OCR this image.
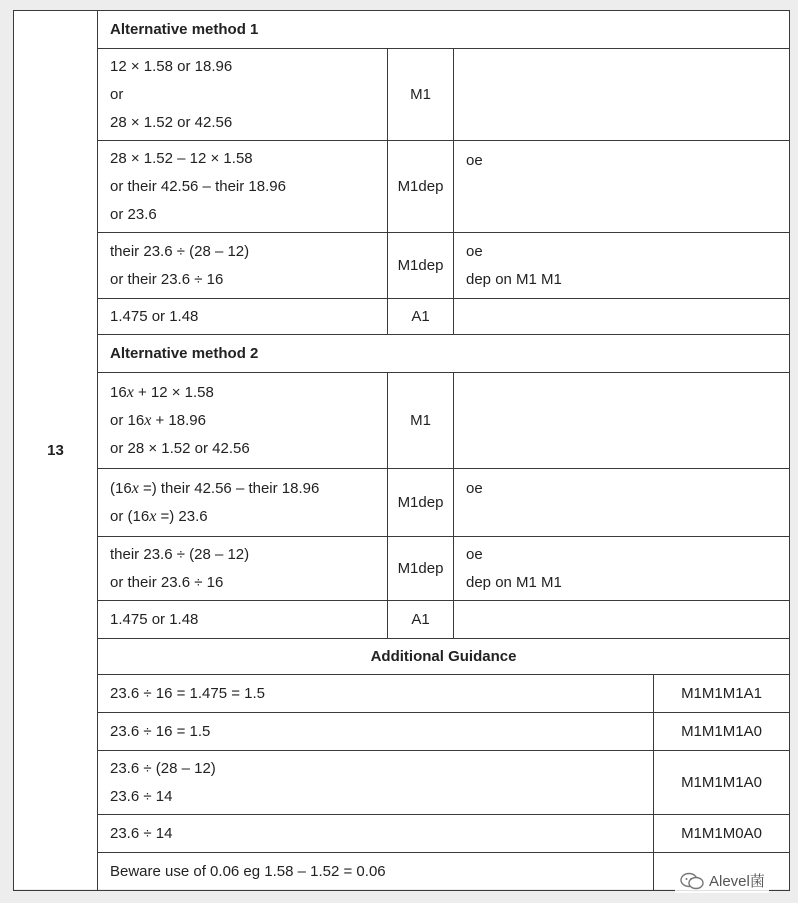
13	Alternative method 1			

	12 × 1.58 or 18.96
or
28 × 1.52 or 42.56	M1		

	28 × 1.52 – 12 × 1.58
or their 42.56 – their 18.96
or 23.6	M1dep	oe	

	their 23.6 ÷ (28 – 12)
or their 23.6 ÷ 16	M1dep	oe
dep on M1 M1	

	1.475 or 1.48	A1		
	Alternative method 2			

	16x + 12 × 1.58
or 16x + 18.96
or 28 × 1.52 or 42.56	M1		

	(16x =) their 42.56 – their 18.96
or (16x =) 23.6	M1dep	oe	

	their 23.6 ÷ (28 – 12)
or their 23.6 ÷ 16	M1dep	oe
dep on M1 M1	

	1.475 or 1.48	A1		
	Additional Guidance			
	23.6 ÷ 16 = 1.475 = 1.5			M1M1M1A1
	23.6 ÷ 16 = 1.5			M1M1M1A0

	23.6 ÷ (28 – 12)
23.6 ÷ 14			M1M1M1A0
	23.6 ÷ 14			M1M1M0A0
	Beware use of 0.06 eg 1.58 – 1.52 = 0.06			
Alevel菌
